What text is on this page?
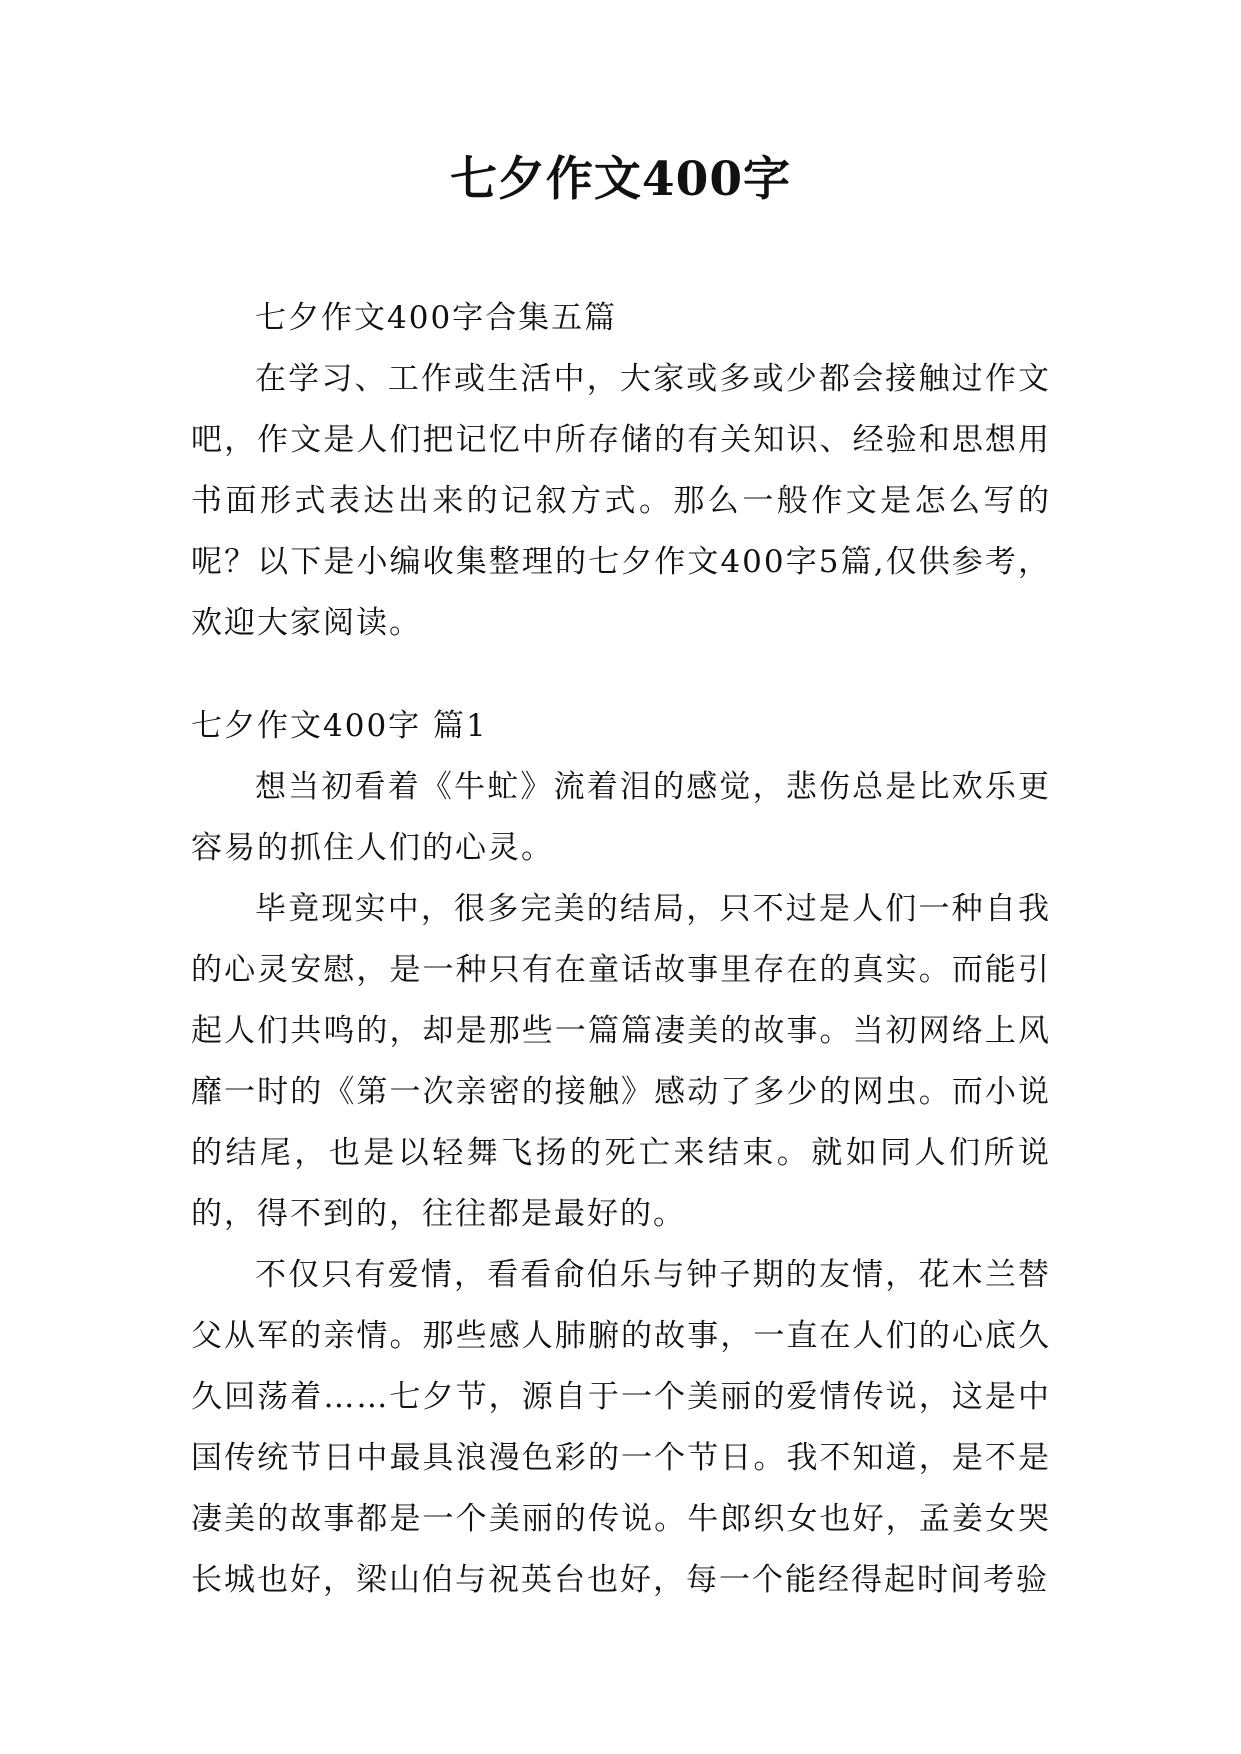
七夕作文400字

七夕作文400字合集五篇

在学习、工作或生活中，大家或多或少都会接触过作文吧，作文是人们把记忆中所存储的有关知识、经验和思想用书面形式表达出来的记叙方式。那么一般作文是怎么写的呢？以下是小编收集整理的七夕作文400字5篇,仅供参考，欢迎大家阅读。

七夕作文400字 篇1

想当初看着《牛虻》流着泪的感觉，悲伤总是比欢乐更容易的抓住人们的心灵。

毕竟现实中，很多完美的结局，只不过是人们一种自我的心灵安慰，是一种只有在童话故事里存在的真实。而能引起人们共鸣的，却是那些一篇篇凄美的故事。当初网络上风靡一时的《第一次亲密的接触》感动了多少的网虫。而小说的结尾，也是以轻舞飞扬的死亡来结束。就如同人们所说的，得不到的，往往都是最好的。

不仅只有爱情，看看俞伯乐与钟子期的友情，花木兰替父从军的亲情。那些感人肺腑的故事，一直在人们的心底久久回荡着……七夕节，源自于一个美丽的爱情传说，这是中国传统节日中最具浪漫色彩的一个节日。我不知道，是不是凄美的故事都是一个美丽的传说。牛郎织女也好，孟姜女哭长城也好，梁山伯与祝英台也好，每一个能经得起时间考验
